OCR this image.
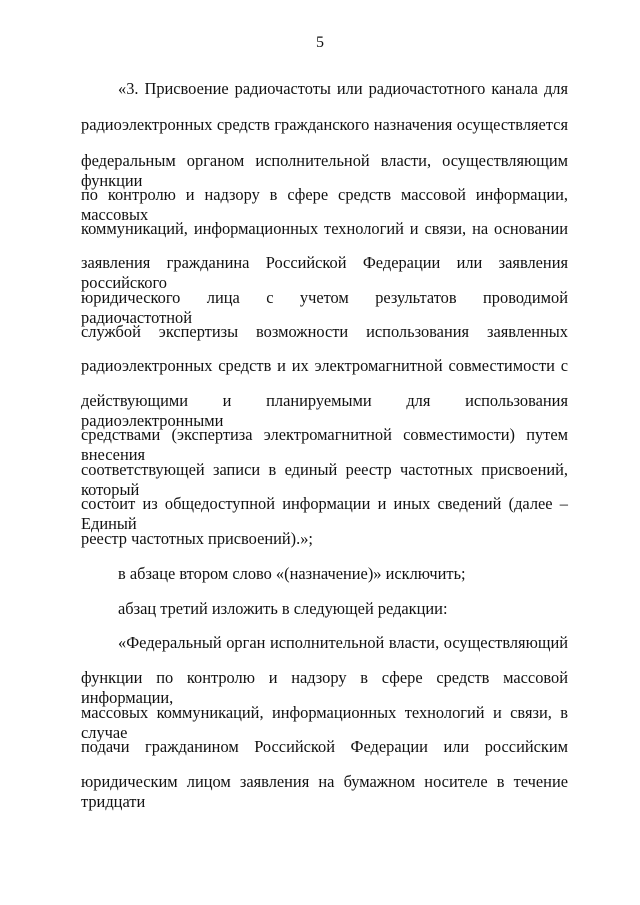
5
«3. Присвоение радиочастоты или радиочастотного канала для
радиоэлектронных средств гражданского назначения осуществляется
федеральным органом исполнительной власти, осуществляющим функции
по контролю и надзору в сфере средств массовой информации, массовых
коммуникаций, информационных технологий и связи, на основании
заявления гражданина Российской Федерации или заявления российского
юридического лица с учетом результатов проводимой радиочастотной
службой экспертизы возможности использования заявленных
радиоэлектронных средств и их электромагнитной совместимости с
действующими и планируемыми для использования радиоэлектронными
средствами (экспертиза электромагнитной совместимости) путем внесения
соответствующей записи в единый реестр частотных присвоений, который
состоит из общедоступной информации и иных сведений (далее – Единый
реестр частотных присвоений).»;
в абзаце втором слово «(назначение)» исключить;
абзац третий изложить в следующей редакции:
«Федеральный орган исполнительной власти, осуществляющий
функции по контролю и надзору в сфере средств массовой информации,
массовых коммуникаций, информационных технологий и связи, в случае
подачи гражданином Российской Федерации или российским
юридическим лицом заявления на бумажном носителе в течение тридцати
